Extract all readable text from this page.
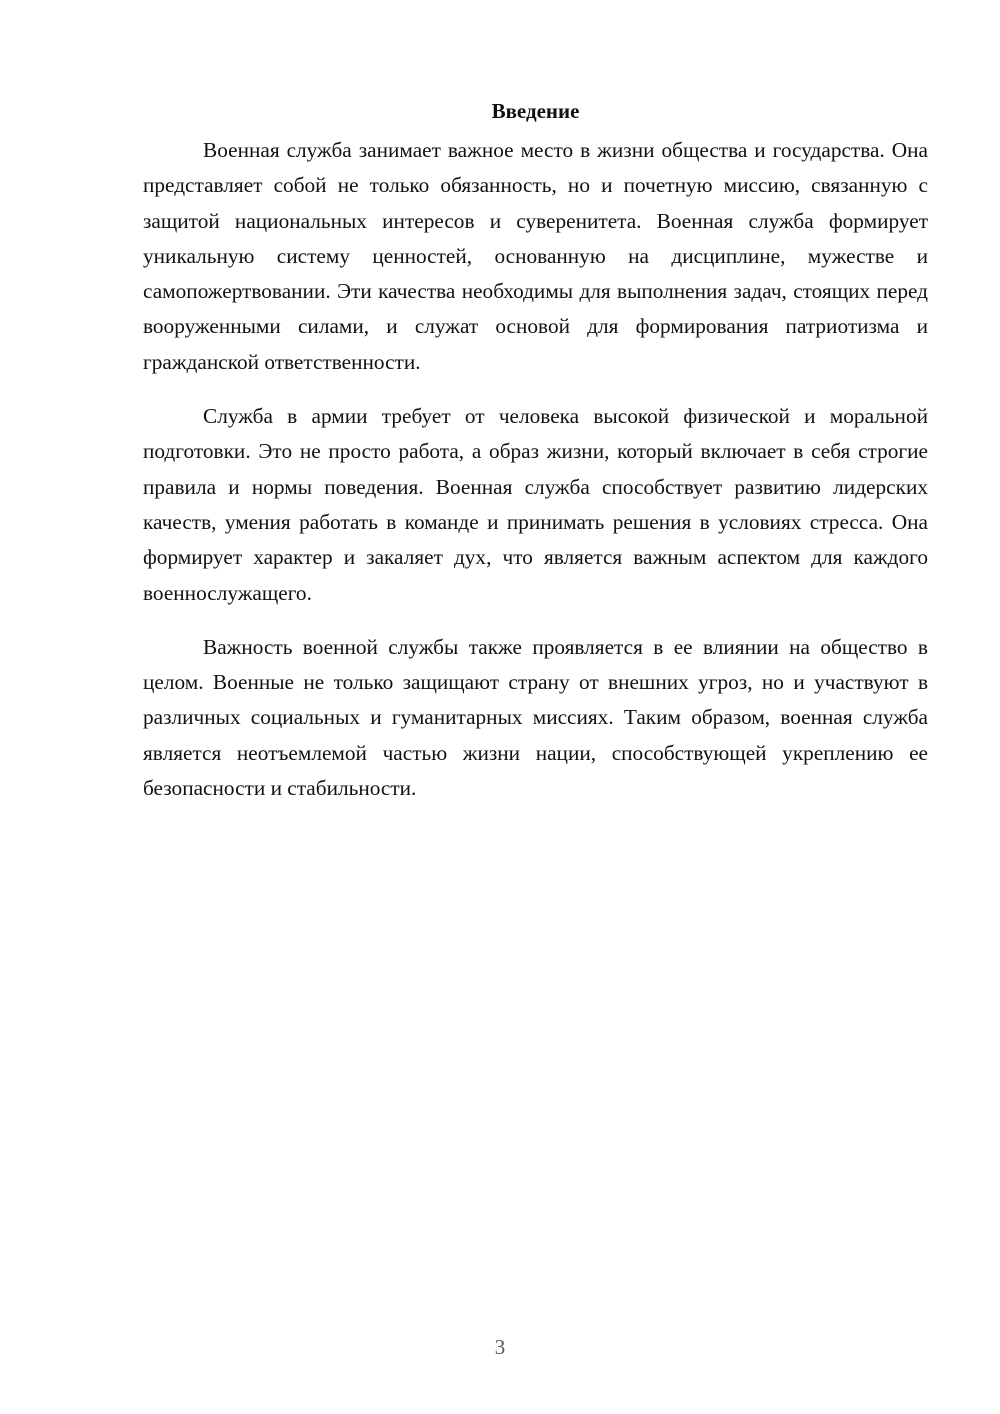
Введение

Военная служба занимает важное место в жизни общества и государства. Она представляет собой не только обязанность, но и почетную миссию, связанную с защитой национальных интересов и суверенитета. Военная служба формирует уникальную систему ценностей, основанную на дисциплине, мужестве и самопожертвовании. Эти качества необходимы для выполнения задач, стоящих перед вооруженными силами, и служат основой для формирования патриотизма и гражданской ответственности.

Служба в армии требует от человека высокой физической и моральной подготовки. Это не просто работа, а образ жизни, который включает в себя строгие правила и нормы поведения. Военная служба способствует развитию лидерских качеств, умения работать в команде и принимать решения в условиях стресса. Она формирует характер и закаляет дух, что является важным аспектом для каждого военнослужащего.

Важность военной службы также проявляется в ее влиянии на общество в целом. Военные не только защищают страну от внешних угроз, но и участвуют в различных социальных и гуманитарных миссиях. Таким образом, военная служба является неотъемлемой частью жизни нации, способствующей укреплению ее безопасности и стабильности.

3
